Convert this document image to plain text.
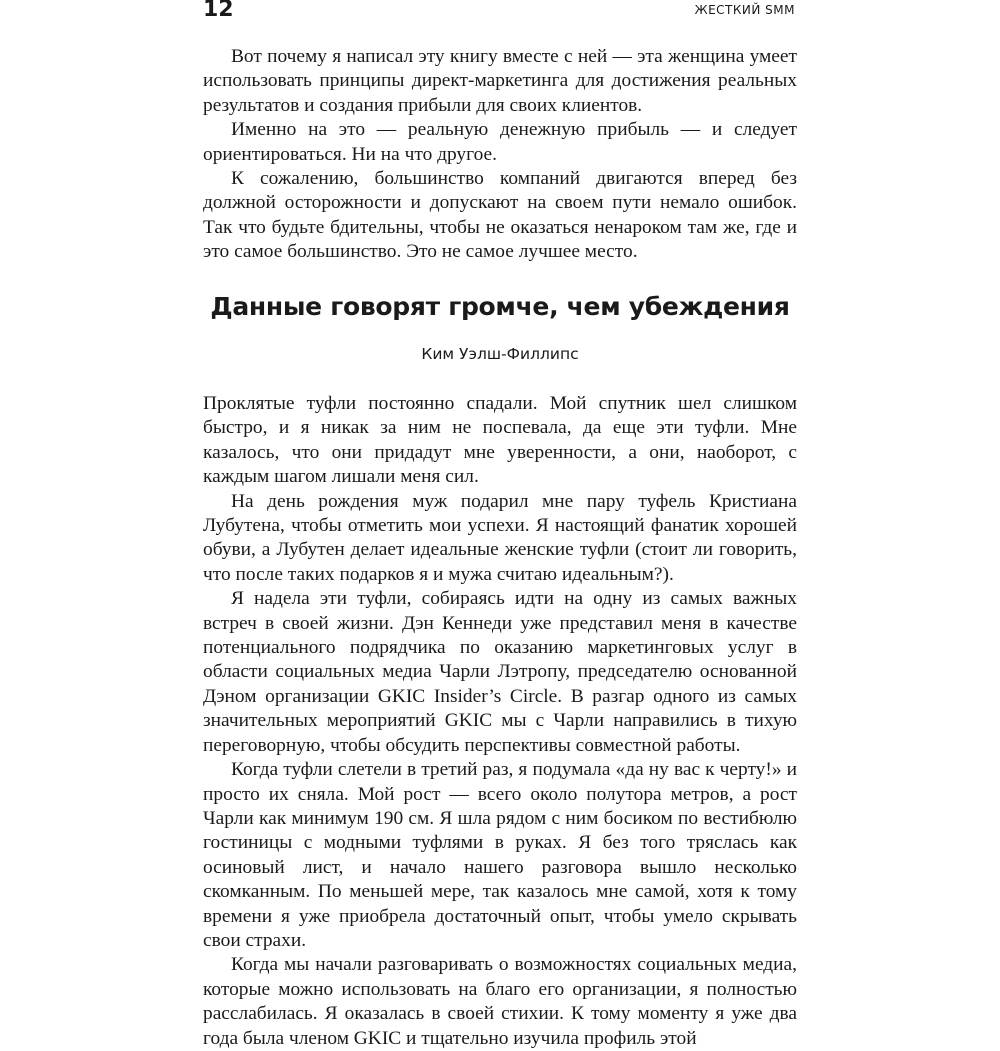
12	ЖЕСТКИЙ SMM

Вот почему я написал эту книгу вместе с ней — эта женщина умеет использовать принципы директ-маркетинга для достижения реальных результатов и создания прибыли для своих клиентов.

Именно на это — реальную денежную прибыль — и следует ориентироваться. Ни на что другое.

К сожалению, большинство компаний двигаются вперед без должной осторожности и допускают на своем пути немало ошибок. Так что будьте бдительны, чтобы не оказаться ненароком там же, где и это самое большинство. Это не самое лучшее место.

Данные говорят громче, чем убеждения
Ким Уэлш-Филлипс

Проклятые туфли постоянно спадали. Мой спутник шел слишком быстро, и я никак за ним не поспевала, да еще эти туфли. Мне казалось, что они придадут мне уверенности, а они, наоборот, с каждым шагом лишали меня сил.

На день рождения муж подарил мне пару туфель Кристиана Лубутена, чтобы отметить мои успехи. Я настоящий фанатик хорошей обуви, а Лубутен делает идеальные женские туфли (стоит ли говорить, что после таких подарков я и мужа считаю идеальным?).

Я надела эти туфли, собираясь идти на одну из самых важных встреч в своей жизни. Дэн Кеннеди уже представил меня в качестве потенциального подрядчика по оказанию маркетинговых услуг в области социальных медиа Чарли Лэтропу, председателю основанной Дэном организации GKIC Insider’s Circle. В разгар одного из самых значительных мероприятий GKIC мы с Чарли направились в тихую переговорную, чтобы обсудить перспективы совместной работы.

Когда туфли слетели в третий раз, я подумала «да ну вас к черту!» и просто их сняла. Мой рост — всего около полутора метров, а рост Чарли как минимум 190 см. Я шла рядом с ним босиком по вестибюлю гостиницы с модными туфлями в руках. Я без того тряслась как осиновый лист, и начало нашего разговора вышло несколько скомканным. По меньшей мере, так казалось мне самой, хотя к тому времени я уже приобрела достаточный опыт, чтобы умело скрывать свои страхи.

Когда мы начали разговаривать о возможностях социальных медиа, которые можно использовать на благо его организации, я полностью расслабилась. Я оказалась в своей стихии. К тому моменту я уже два года была членом GKIC и тщательно изучила профиль этой
